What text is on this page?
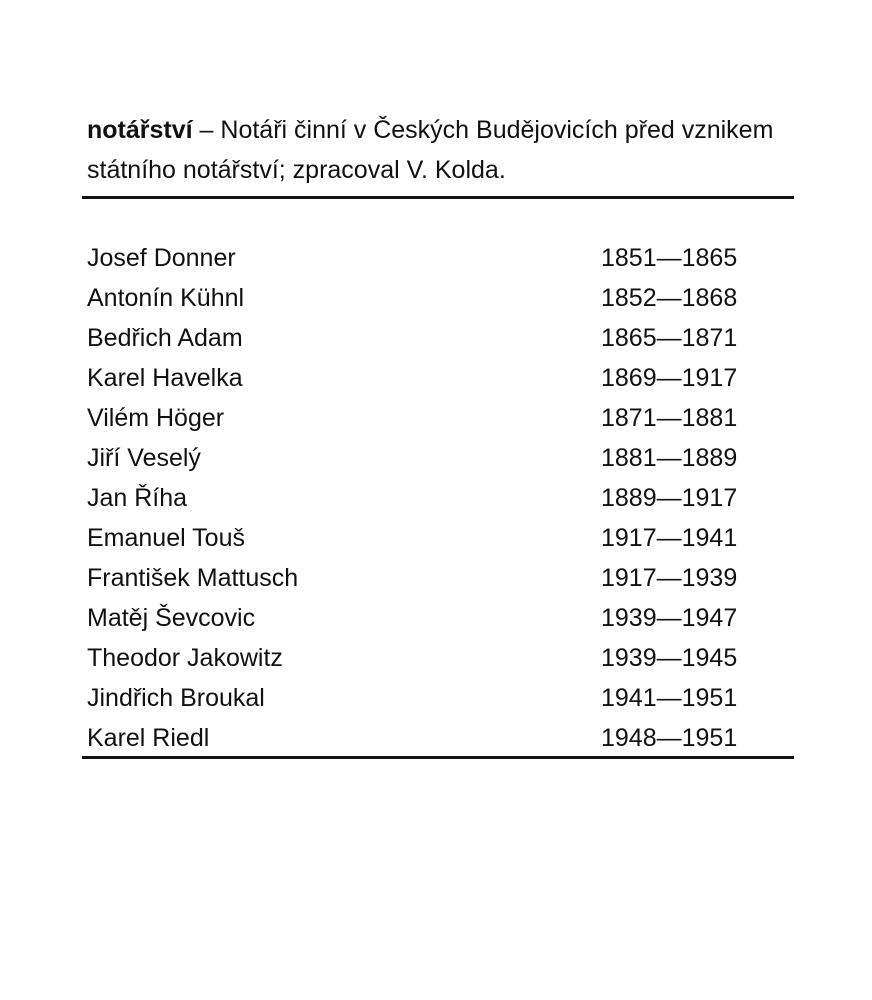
notářství – Notáři činní v Českých Budějovicích před vznikem státního notářství; zpracoval V. Kolda.
Josef Donner	1851—1865
Antonín Kühnl	1852—1868
Bedřich Adam	1865—1871
Karel Havelka	1869—1917
Vilém Höger	1871—1881
Jiří Veselý	1881—1889
Jan Říha	1889—1917
Emanuel Touš	1917—1941
František Mattusch	1917—1939
Matěj Ševcovic	1939—1947
Theodor Jakowitz	1939—1945
Jindřich Broukal	1941—1951
Karel Riedl	1948—1951
